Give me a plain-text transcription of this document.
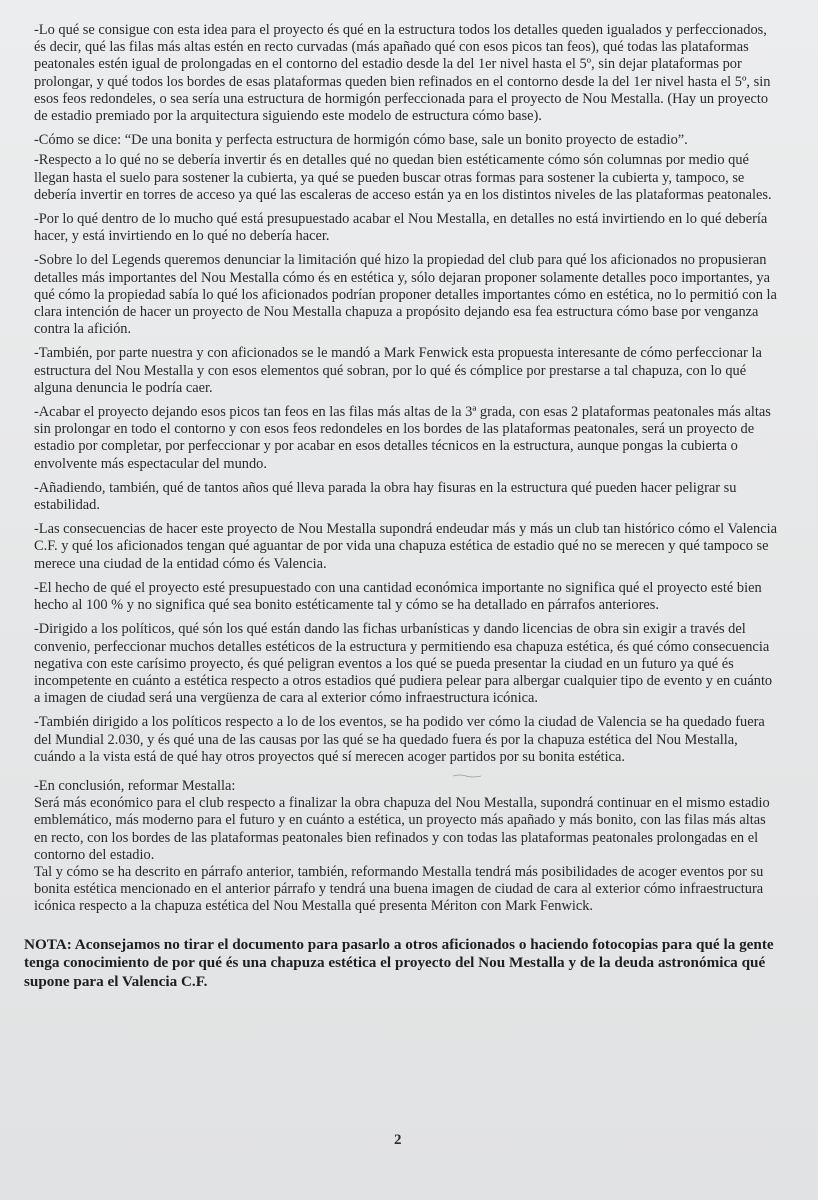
-Lo qué se consigue con esta idea para el proyecto és qué en la estructura todos los detalles queden igualados y perfeccionados, és decir, qué las filas más altas estén en recto curvadas (más apañado qué con esos picos tan feos), qué todas las plataformas peatonales estén igual de prolongadas en el contorno del estadio desde la del 1er nivel hasta el 5º, sin dejar plataformas por prolongar, y qué todos los bordes de esas plataformas queden bien refinados en el contorno desde la del 1er nivel hasta el 5º, sin esos feos redondeles, o sea sería una estructura de hormigón perfeccionada para el proyecto de Nou Mestalla. (Hay un proyecto de estadio premiado por la arquitectura siguiendo este modelo de estructura cómo base).

-Cómo se dice: “De una bonita y perfecta estructura de hormigón cómo base, sale un bonito proyecto de estadio”.

-Respecto a lo qué no se debería invertir és en detalles qué no quedan bien estéticamente cómo són columnas por medio qué llegan hasta el suelo para sostener la cubierta, ya qué se pueden buscar otras formas para sostener la cubierta y, tampoco, se debería invertir en torres de acceso ya qué las escaleras de acceso están ya en los distintos niveles de las plataformas peatonales.

-Por lo qué dentro de lo mucho qué está presupuestado acabar el Nou Mestalla, en detalles no está invirtiendo en lo qué debería hacer, y está invirtiendo en lo qué no debería hacer.

-Sobre lo del Legends queremos denunciar la limitación qué hizo la propiedad del club para qué los aficionados no propusieran detalles más importantes del Nou Mestalla cómo és en estética y, sólo dejaran proponer solamente detalles poco importantes, ya qué cómo la propiedad sabía lo qué los aficionados podrían proponer detalles importantes cómo en estética, no lo permitió con la clara intención de hacer un proyecto de Nou Mestalla chapuza a propósito dejando esa fea estructura cómo base por venganza contra la afición.

-También, por parte nuestra y con aficionados se le mandó a Mark Fenwick esta propuesta interesante de cómo perfeccionar la estructura del Nou Mestalla y con esos elementos qué sobran, por lo qué és cómplice por prestarse a tal chapuza, con lo qué alguna denuncia le podría caer.

-Acabar el proyecto dejando esos picos tan feos en las filas más altas de la 3ª grada, con esas 2 plataformas peatonales más altas sin prolongar en todo el contorno y con esos feos redondeles en los bordes de las plataformas peatonales, será un proyecto de estadio por completar, por perfeccionar y por acabar en esos detalles técnicos en la estructura, aunque pongas la cubierta o envolvente más espectacular del mundo.

-Añadiendo, también, qué de tantos años qué lleva parada la obra hay fisuras en la estructura qué pueden hacer peligrar su estabilidad.

-Las consecuencias de hacer este proyecto de Nou Mestalla supondrá endeudar más y más un club tan histórico cómo el Valencia C.F. y qué los aficionados tengan qué aguantar de por vida una chapuza estética de estadio qué no se merecen y qué tampoco se merece una ciudad de la entidad cómo és Valencia.

-El hecho de qué el proyecto esté presupuestado con una cantidad económica importante no significa qué el proyecto esté bien hecho al 100 % y no significa qué sea bonito estéticamente tal y cómo se ha detallado en párrafos anteriores.

-Dirigido a los políticos, qué són los qué están dando las fichas urbanísticas y dando licencias de obra sin exigir a través del convenio, perfeccionar muchos detalles estéticos de la estructura y permitiendo esa chapuza estética, és qué cómo consecuencia negativa con este carísimo proyecto, és qué peligran eventos a los qué se pueda presentar la ciudad en un futuro ya qué és incompetente en cuánto a estética respecto a otros estadios qué pudiera pelear para albergar cualquier tipo de evento y en cuánto a imagen de ciudad será una vergüenza de cara al exterior cómo infraestructura icónica.

-También dirigido a los políticos respecto a lo de los eventos, se ha podido ver cómo la ciudad de Valencia se ha quedado fuera del Mundial 2.030, y és qué una de las causas por las qué se ha quedado fuera és por la chapuza estética del Nou Mestalla, cuándo a la vista está de qué hay otros proyectos qué sí merecen acoger partidos por su bonita estética.

-En conclusión, reformar Mestalla:

Será más económico para el club respecto a finalizar la obra chapuza del Nou Mestalla, supondrá continuar en el mismo estadio emblemático, más moderno para el futuro y en cuánto a estética, un proyecto más apañado y más bonito, con las filas más altas en recto, con los bordes de las plataformas peatonales bien refinados y con todas las plataformas peatonales prolongadas en el contorno del estadio.

Tal y cómo se ha descrito en párrafo anterior, también, reformando Mestalla tendrá más posibilidades de acoger eventos por su bonita estética mencionado en el anterior párrafo y tendrá una buena imagen de ciudad de cara al exterior cómo infraestructura icónica respecto a la chapuza estética del Nou Mestalla qué presenta Mériton con Mark Fenwick.

NOTA: Aconsejamos no tirar el documento para pasarlo a otros aficionados o haciendo fotocopias para qué la gente tenga conocimiento de por qué és una chapuza estética el proyecto del Nou Mestalla y de la deuda astronómica qué supone para el Valencia C.F.

2
